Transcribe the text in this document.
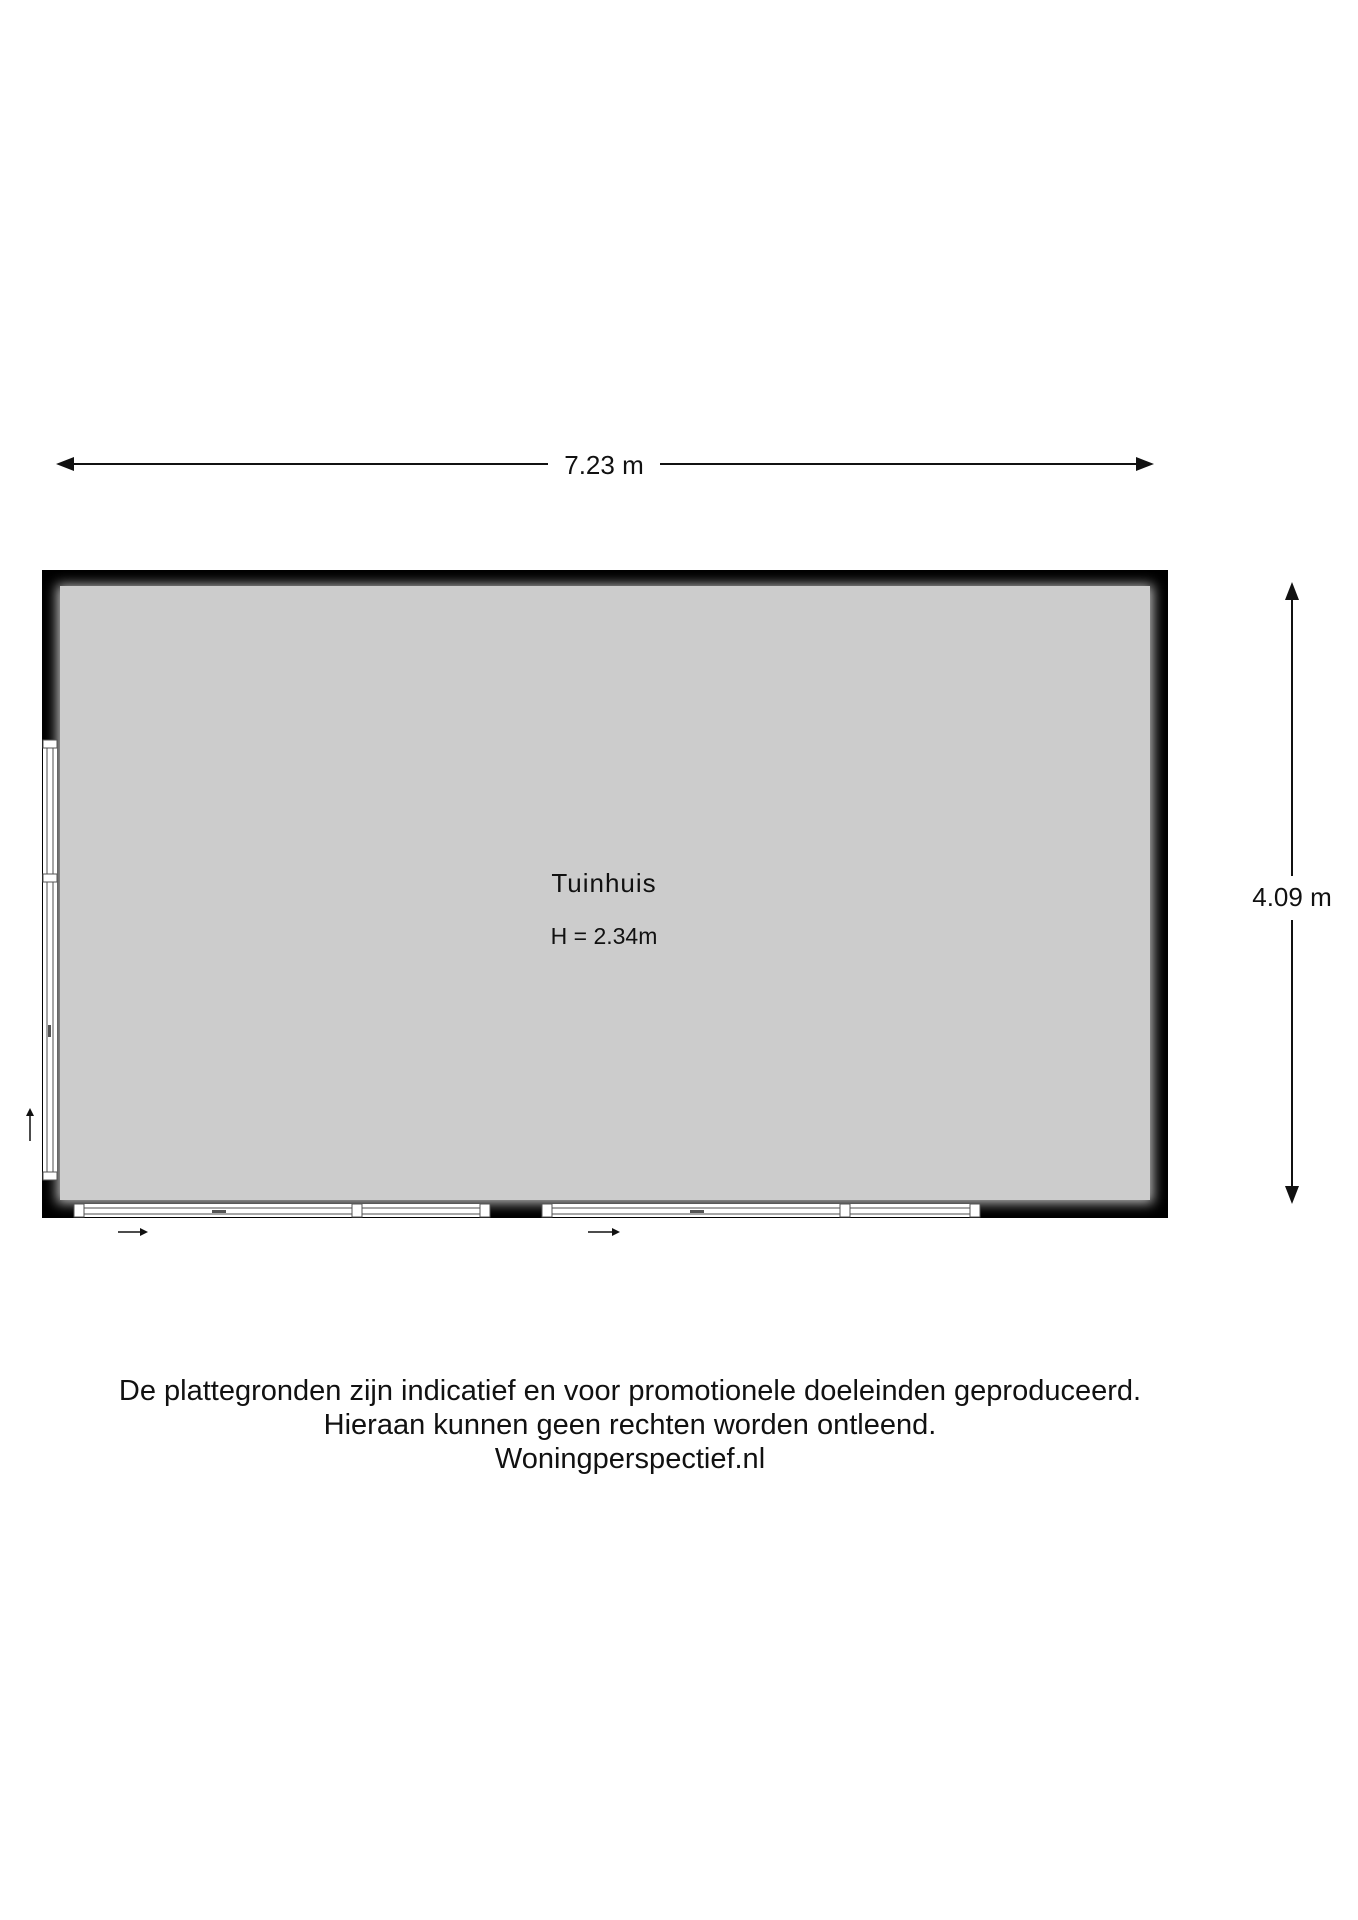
7.23 m
4.09 m
Tuinhuis
H = 2.34m
De plattegronden zijn indicatief en voor promotionele doeleinden geproduceerd.
Hieraan kunnen geen rechten worden ontleend.
Woningperspectief.nl
